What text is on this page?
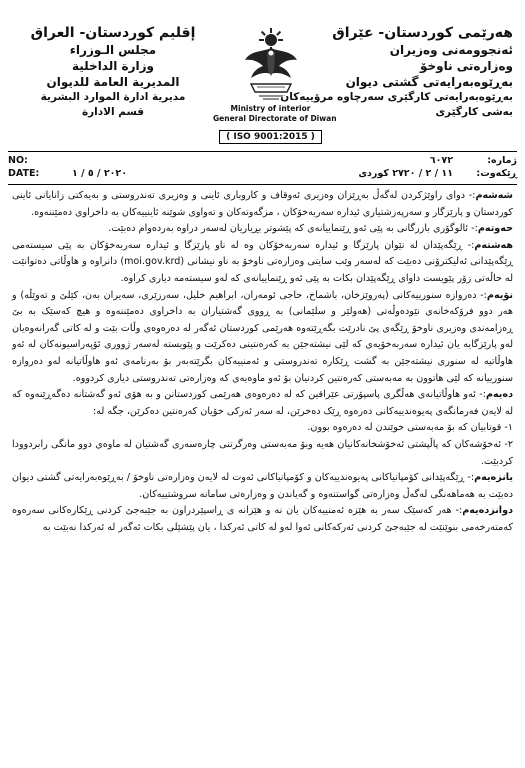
هەرێمی کوردستان- عێراق
ئەنجوومەنی وەزیران
وەزارەتی ناوخۆ
بەڕێوەبەرایەتی گشتی دیوان
بەڕێوەبەرایەتی کارگێری سەرچاوە مرۆییەکان
بەشی کارگێری
Ministry of interior
General Directorate of Diwan
( ISO 9001:2015 )
إقليم كوردستان- العراق
مجلس الـوزراء
وزارة الداخلية
المديرية العامة للديوان
مديرية ادارة الموارد البشرية
قسم الادارة
NO:	٦٠٧٢	ژمارە:
DATE:	٢٠٢٠ / ٥ / ١	١١ / ٢ / ٢٧٢٠ کوردی ڕێکەوت:

شەشەم:- دوای راوێژکردن لەگەڵ بەڕێزان وەزیری ئەوقاف و کاروباری ئاینی و وەزیری تەندروستی و بەیەکتی زانایانی ئاینی کوردستان و پارێزگار و سەرپەرشتیاری ئیدارە سەربەخۆکان ، مزگەوتەکان و تەواوی شوێنە ئاینییەکان بە داخراوی دەمێننەوە.

حەوتەم:- ئالوگۆری بازرگانی بە پێی ئەو ڕێنماییانەی کە پێشوتر بڕیاریان لەسەر دراوە بەردەوام دەبێت.

هەشتەم:- ڕێگەپێدان لە نێوان پارێزگا و ئیدارە سەربەخۆکان وە لە ناو پارێزگا و ئیدارە سەربەخۆکان بە پێی سیستەمی ڕێگەپێدانی ئەلیکترۆنی دەبێت کە لەسەر وێب سایتی وەزارەتی ناوخۆ بە ناو نیشانی (moi.gov.krd) دانراوە و هاوڵاتی دەتوانێت لە حاڵەتی زۆر پێویست داوای ڕێگەپێدان بکات بە پێی ئەو ڕێنماییانەی کە لەو سیستەمە دیاری کراوە.

نۆیەم:- دەروازە سنورییەکانی (پەروێزخان، باشماخ، حاجی ئومەران، ابراهیم خلیل، سەرزێری، سەیران بەن، کێلێ و تەوێڵە) و هەر دوو فرۆکەخانەی نێودەوڵەتی (هەولێر و سلێمانی) بە ڕووی گەشتیاران بە داخراوی دەمێننەوە و هیچ کەسێک بە بێ ڕەزامەندی وەزیری ناوخۆ ڕێگەی پێ نادرێت بگەڕێتەوە هەرێمی کوردستان ئەگەر لە دەرەوەی وڵات بێت و لە کاتی گەرانەوەیان لەو پارێزگایە یان ئیدارە سەربەخۆیەی کە لێی نیشتەجێن بە کەرەنتینی دەکرێت و پێویستە لەسەر ژووری ئۆپەراسیونەکان لە ئەو هاوڵاتیە لە سنوری نیشتەجێن بە گشت ڕێکارە تەندروستی و ئەمنییەکان بگرێتەبەر بۆ بەرنامەی ئەو هاوڵاتیانە لەو دەروازە سنورییانە کە لێی هاتوون بە مەبەستی کەرەنتین کردنیان بۆ ئەو ماوەیەی کە وەزارەتی تەندروستی دیاری کردووە.

دەیەم:- ئەو هاوڵاتیانەی هەڵگری پاسپۆرتی عێراقین کە لە دەرەوەی هەرێمی کوردستانن و بە هۆی ئەو گەشتانە دەگەڕێنەوە کە لە لایەن فەرمانگەی پەیوەندییەکانی دەرەوە ڕێک دەخرێن، لە سەر ئەرکی خۆیان کەرەنتین دەکرێن، جگە لە:

١- قوتابیان کە بۆ مەبەستی خوێندن لە دەرەوە بوون.

٢- ئەخۆشەکان کە پاڵپشتی ئەخۆشخانەکانیان هەیە وبۆ مەبەستی وەرگرتنی چارەسەری گەشتیان لە ماوەی دوو مانگی رابردوودا کردبێت.

یانزەیەم:- ڕێگەپێدانی کۆمپانیاکانی پەیوەندییەکان و کۆمپانیاکانی ئەوت لە لایەن وەزارەتی ناوخۆ / بەڕێوەبەرایەتی گشتی دیوان دەبێت بە هەماهەنگی لەگەڵ وەزارەتی گواستنەوە و گەیاندن و وەزارەتی سامانە سروشتییەکان.

دوانزدەیەم:- هەر کەسێک سەر بە هێزە ئەمنییەکان یان نە و هێزانە ی ڕاسپێردراون بە جێبەجێ کردنی ڕێکارەکانی سەرەوە کەمتەرخەمی بنوێنێت لە جێبەجێ کردنی ئەرکەکانی ئەوا لەو لە کاتی ئەرکدا ، یان پێشێلی بکات ئەگەر لە ئەرکدا نەبێت بە
